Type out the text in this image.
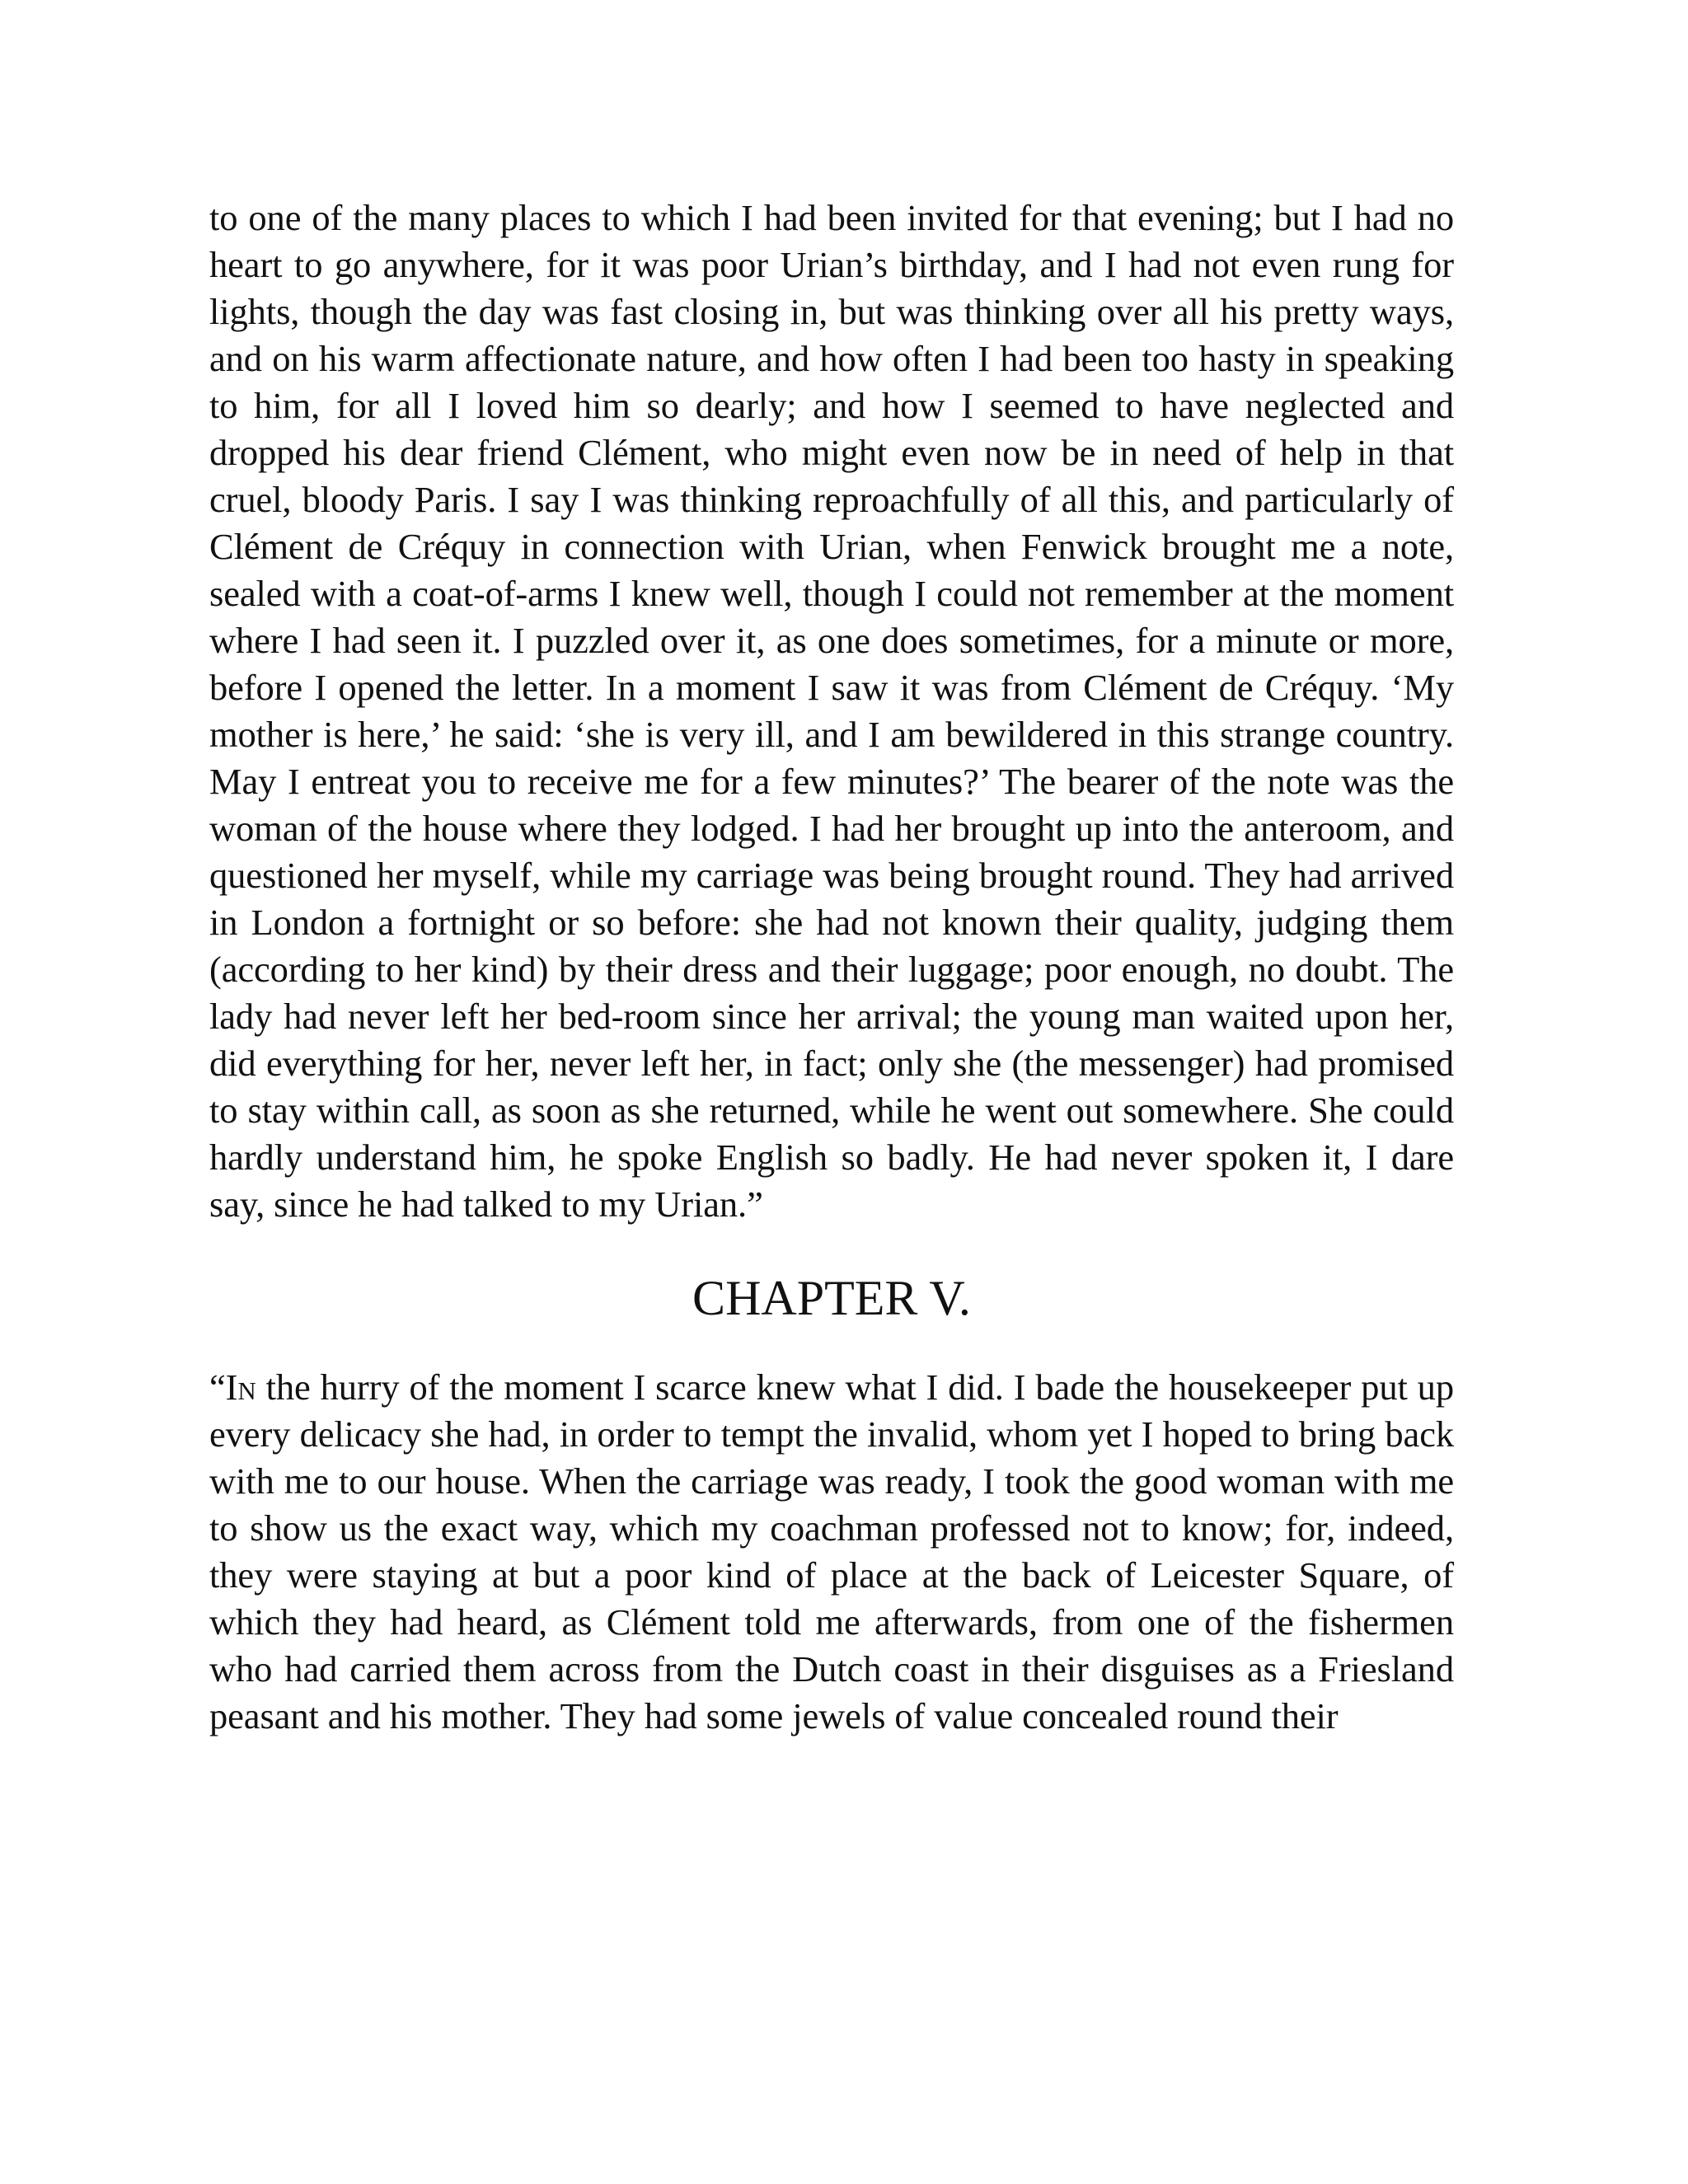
to one of the many places to which I had been invited for that evening; but I had no heart to go anywhere, for it was poor Urian’s birthday, and I had not even rung for lights, though the day was fast closing in, but was thinking over all his pretty ways, and on his warm affectionate nature, and how often I had been too hasty in speaking to him, for all I loved him so dearly; and how I seemed to have neglected and dropped his dear friend Clément, who might even now be in need of help in that cruel, bloody Paris. I say I was thinking reproachfully of all this, and particularly of Clément de Créquy in connection with Urian, when Fenwick brought me a note, sealed with a coat-of-arms I knew well, though I could not remember at the moment where I had seen it. I puzzled over it, as one does sometimes, for a minute or more, before I opened the letter. In a moment I saw it was from Clément de Créquy. ‘My mother is here,’ he said: ‘she is very ill, and I am bewildered in this strange country. May I entreat you to receive me for a few minutes?’ The bearer of the note was the woman of the house where they lodged. I had her brought up into the anteroom, and questioned her myself, while my carriage was being brought round. They had arrived in London a fortnight or so before: she had not known their quality, judging them (according to her kind) by their dress and their luggage; poor enough, no doubt. The lady had never left her bed-room since her arrival; the young man waited upon her, did everything for her, never left her, in fact; only she (the messenger) had promised to stay within call, as soon as she returned, while he went out somewhere. She could hardly understand him, he spoke English so badly. He had never spoken it, I dare say, since he had talked to my Urian.”

CHAPTER V.

“In the hurry of the moment I scarce knew what I did. I bade the housekeeper put up every delicacy she had, in order to tempt the invalid, whom yet I hoped to bring back with me to our house. When the carriage was ready, I took the good woman with me to show us the exact way, which my coachman professed not to know; for, indeed, they were staying at but a poor kind of place at the back of Leicester Square, of which they had heard, as Clément told me afterwards, from one of the fishermen who had carried them across from the Dutch coast in their disguises as a Friesland peasant and his mother. They had some jewels of value concealed round their
